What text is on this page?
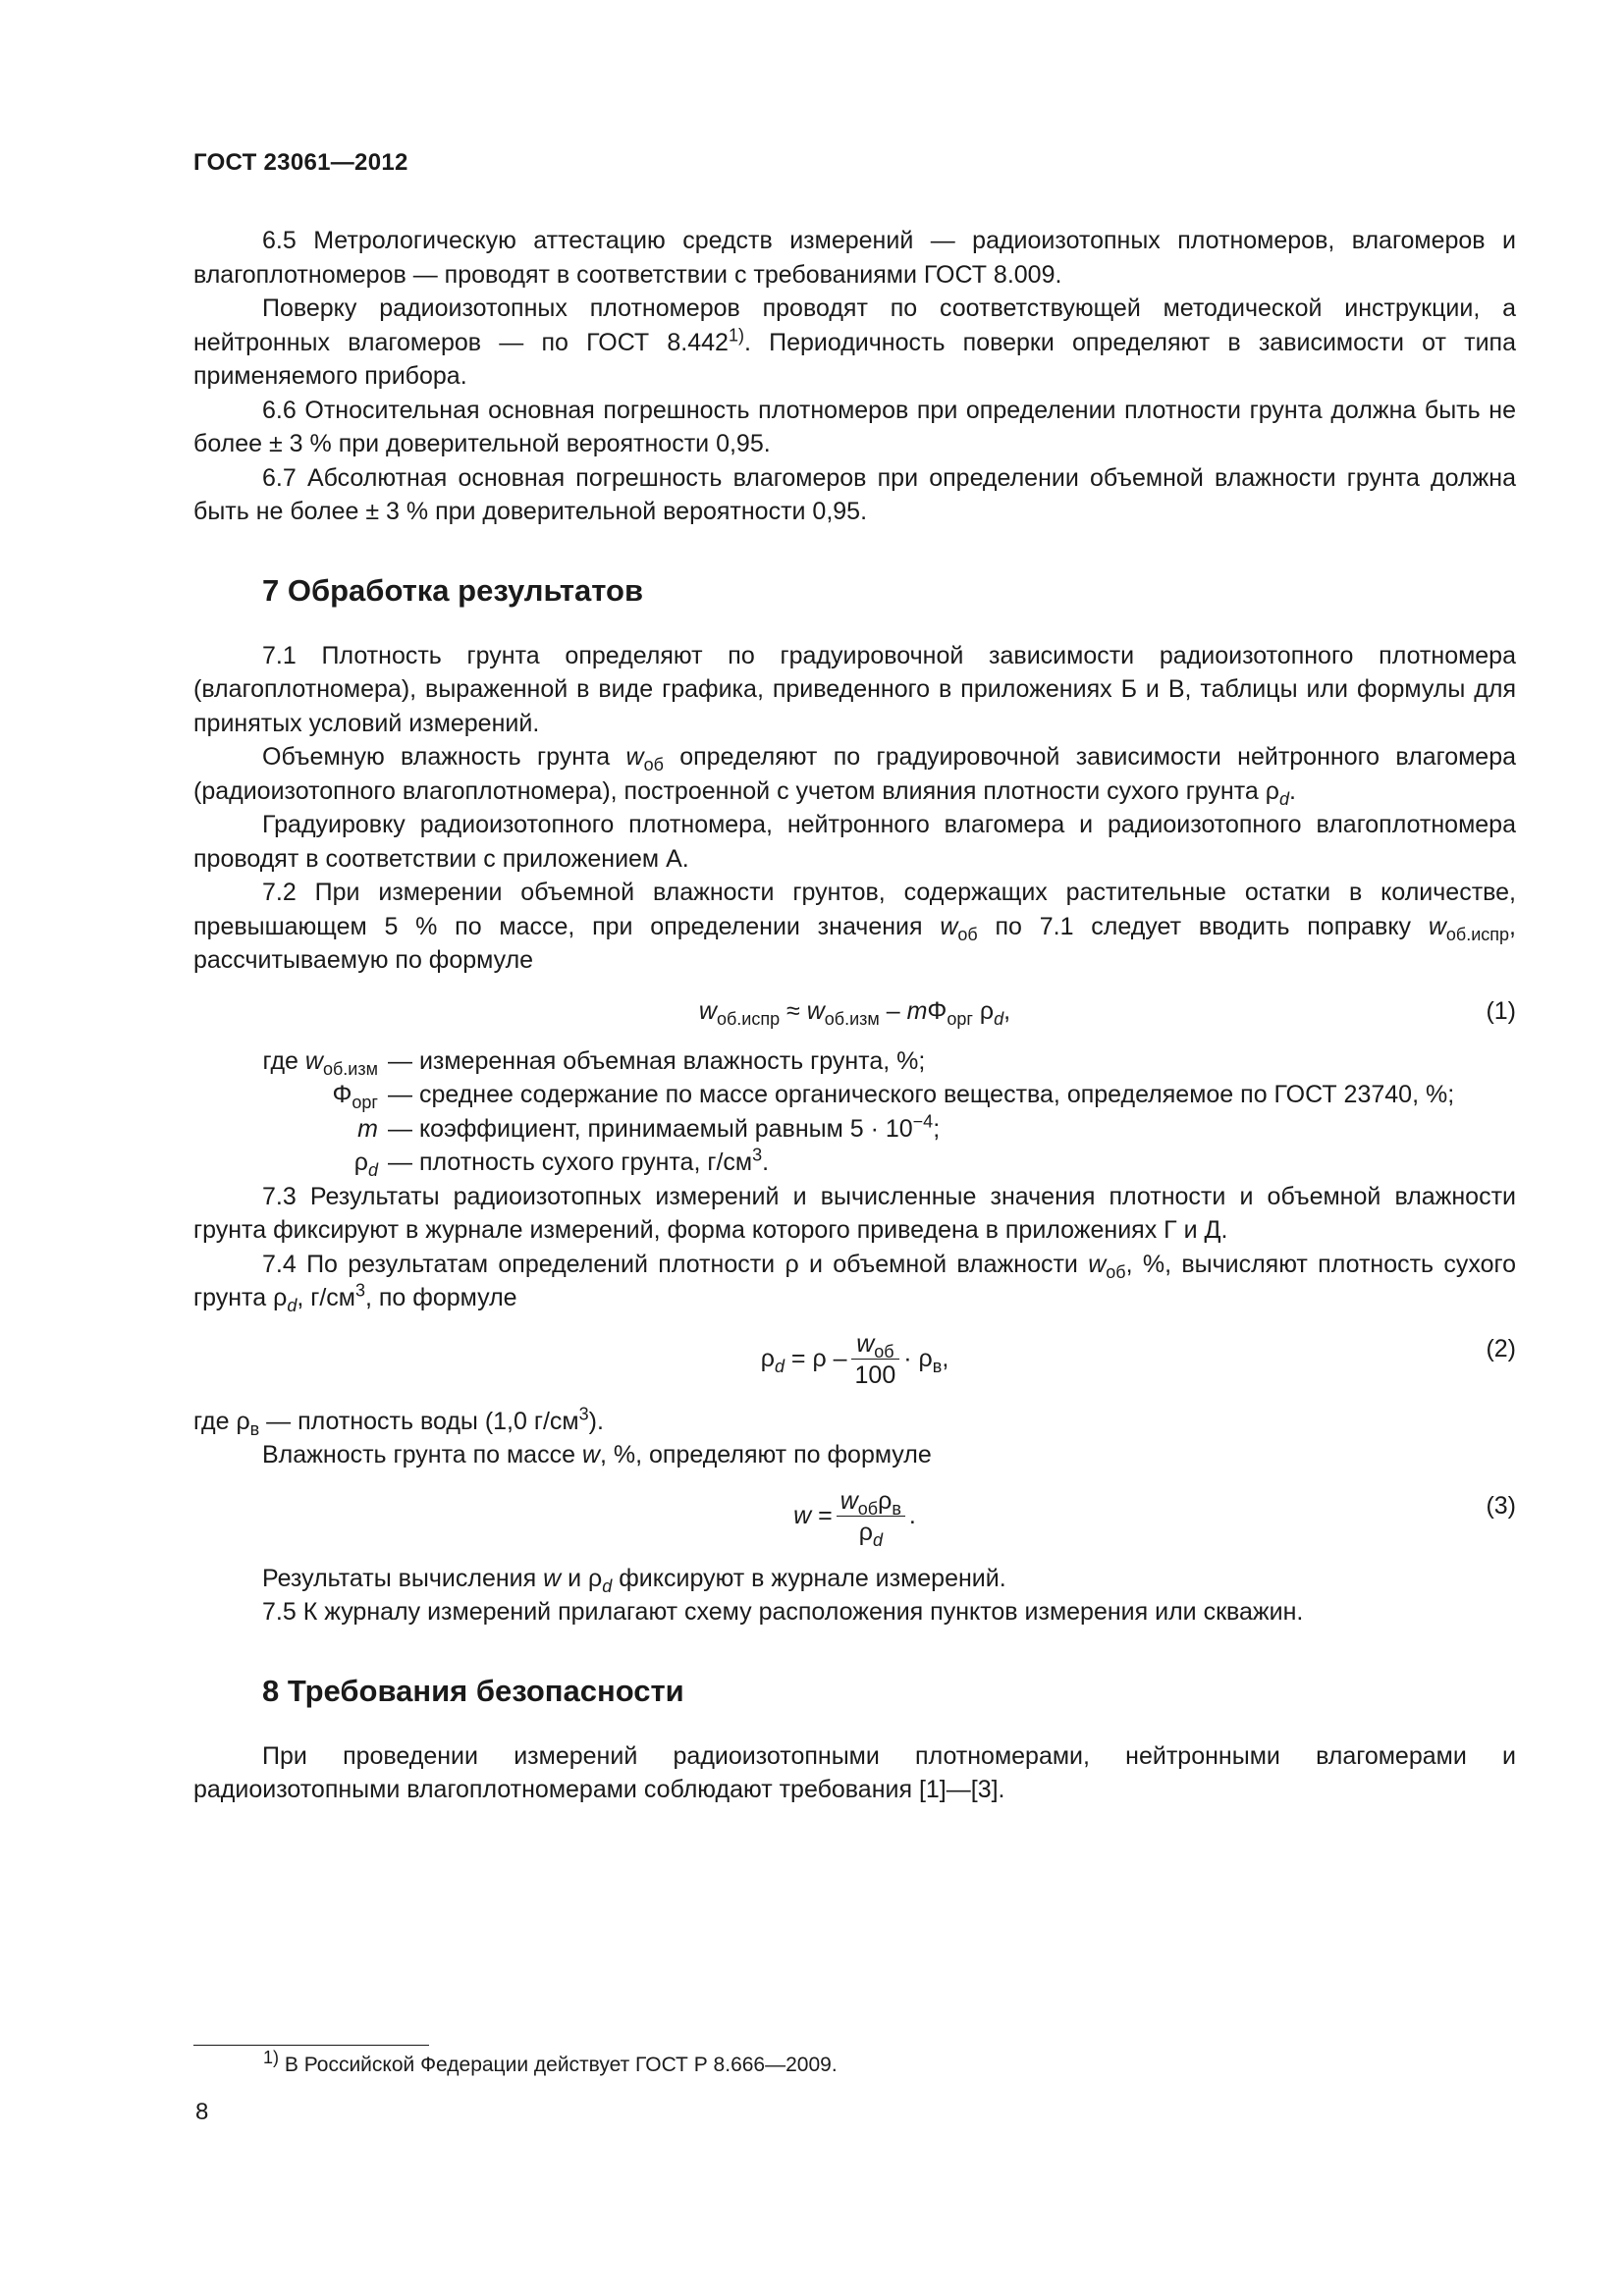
ГОСТ 23061—2012

6.5 Метрологическую аттестацию средств измерений — радиоизотопных плотномеров, влагомеров и влагоплотномеров — проводят в соответствии с требованиями ГОСТ 8.009.

Поверку радиоизотопных плотномеров проводят по соответствующей методической инструкции, а нейтронных влагомеров — по ГОСТ 8.442$^{1)}$. Периодичность поверки определяют в зависимости от типа применяемого прибора.

6.6 Относительная основная погрешность плотномеров при определении плотности грунта должна быть не более ± 3 % при доверительной вероятности 0,95.

6.7 Абсолютная основная погрешность влагомеров при определении объемной влажности грунта должна быть не более ± 3 % при доверительной вероятности 0,95.

7 Обработка результатов

7.1 Плотность грунта определяют по градуировочной зависимости радиоизотопного плотномера (влагоплотномера), выраженной в виде графика, приведенного в приложениях Б и В, таблицы или формулы для принятых условий измерений.

Объемную влажность грунта $w_{об}$ определяют по градуировочной зависимости нейтронного влагомера (радиоизотопного влагоплотномера), построенной с учетом влияния плотности сухого грунта $\rho_d$.

Градуировку радиоизотопного плотномера, нейтронного влагомера и радиоизотопного влагоплотномера проводят в соответствии с приложением А.

7.2 При измерении объемной влажности грунтов, содержащих растительные остатки в количестве, превышающем 5 % по массе, при определении значения $w_{об}$ по 7.1 следует вводить поправку $w_{об.испр}$, рассчитываемую по формуле

$w_{об.испр} \approx w_{об.изм} - m\Phi_{орг}$ $\rho_d$,	(1)
где $w_{об.изм}$ — измеренная объемная влажность грунта, %;
$\Phi_{орг}$ — среднее содержание по массе органического вещества, определяемое по ГОСТ 23740, %;
m — коэффициент, принимаемый равным $5 \cdot 10^{-4}$;
$\rho_d$ — плотность сухого грунта, $г/см^3$.

7.3 Результаты радиоизотопных измерений и вычисленные значения плотности и объемной влажности грунта фиксируют в журнале измерений, форма которого приведена в приложениях Г и Д.

7.4 По результатам определений плотности ρ и объемной влажности $w_{об}$, %, вычисляют плотность сухого грунта $\rho_d$, $г/см^3$, по формуле

$\rho_d = \rho - \frac{w_{об}}{100} \cdot \rho_в$,	(2)

где $\rho_в$ — плотность воды (1,0 $г/см^3$).

Влажность грунта по массе w, %, определяют по формуле

$w = \frac{w_{об}\rho_в}{\rho_d}$ .	(3)

Результаты вычисления w и $\rho_d$ фиксируют в журнале измерений.

7.5 К журналу измерений прилагают схему расположения пунктов измерения или скважин.

8 Требования безопасности

При проведении измерений радиоизотопными плотномерами, нейтронными влагомерами и радиоизотопными влагоплотномерами соблюдают требования [1]—[3].

$^{1)}$ В Российской Федерации действует ГОСТ Р 8.666—2009.
8
